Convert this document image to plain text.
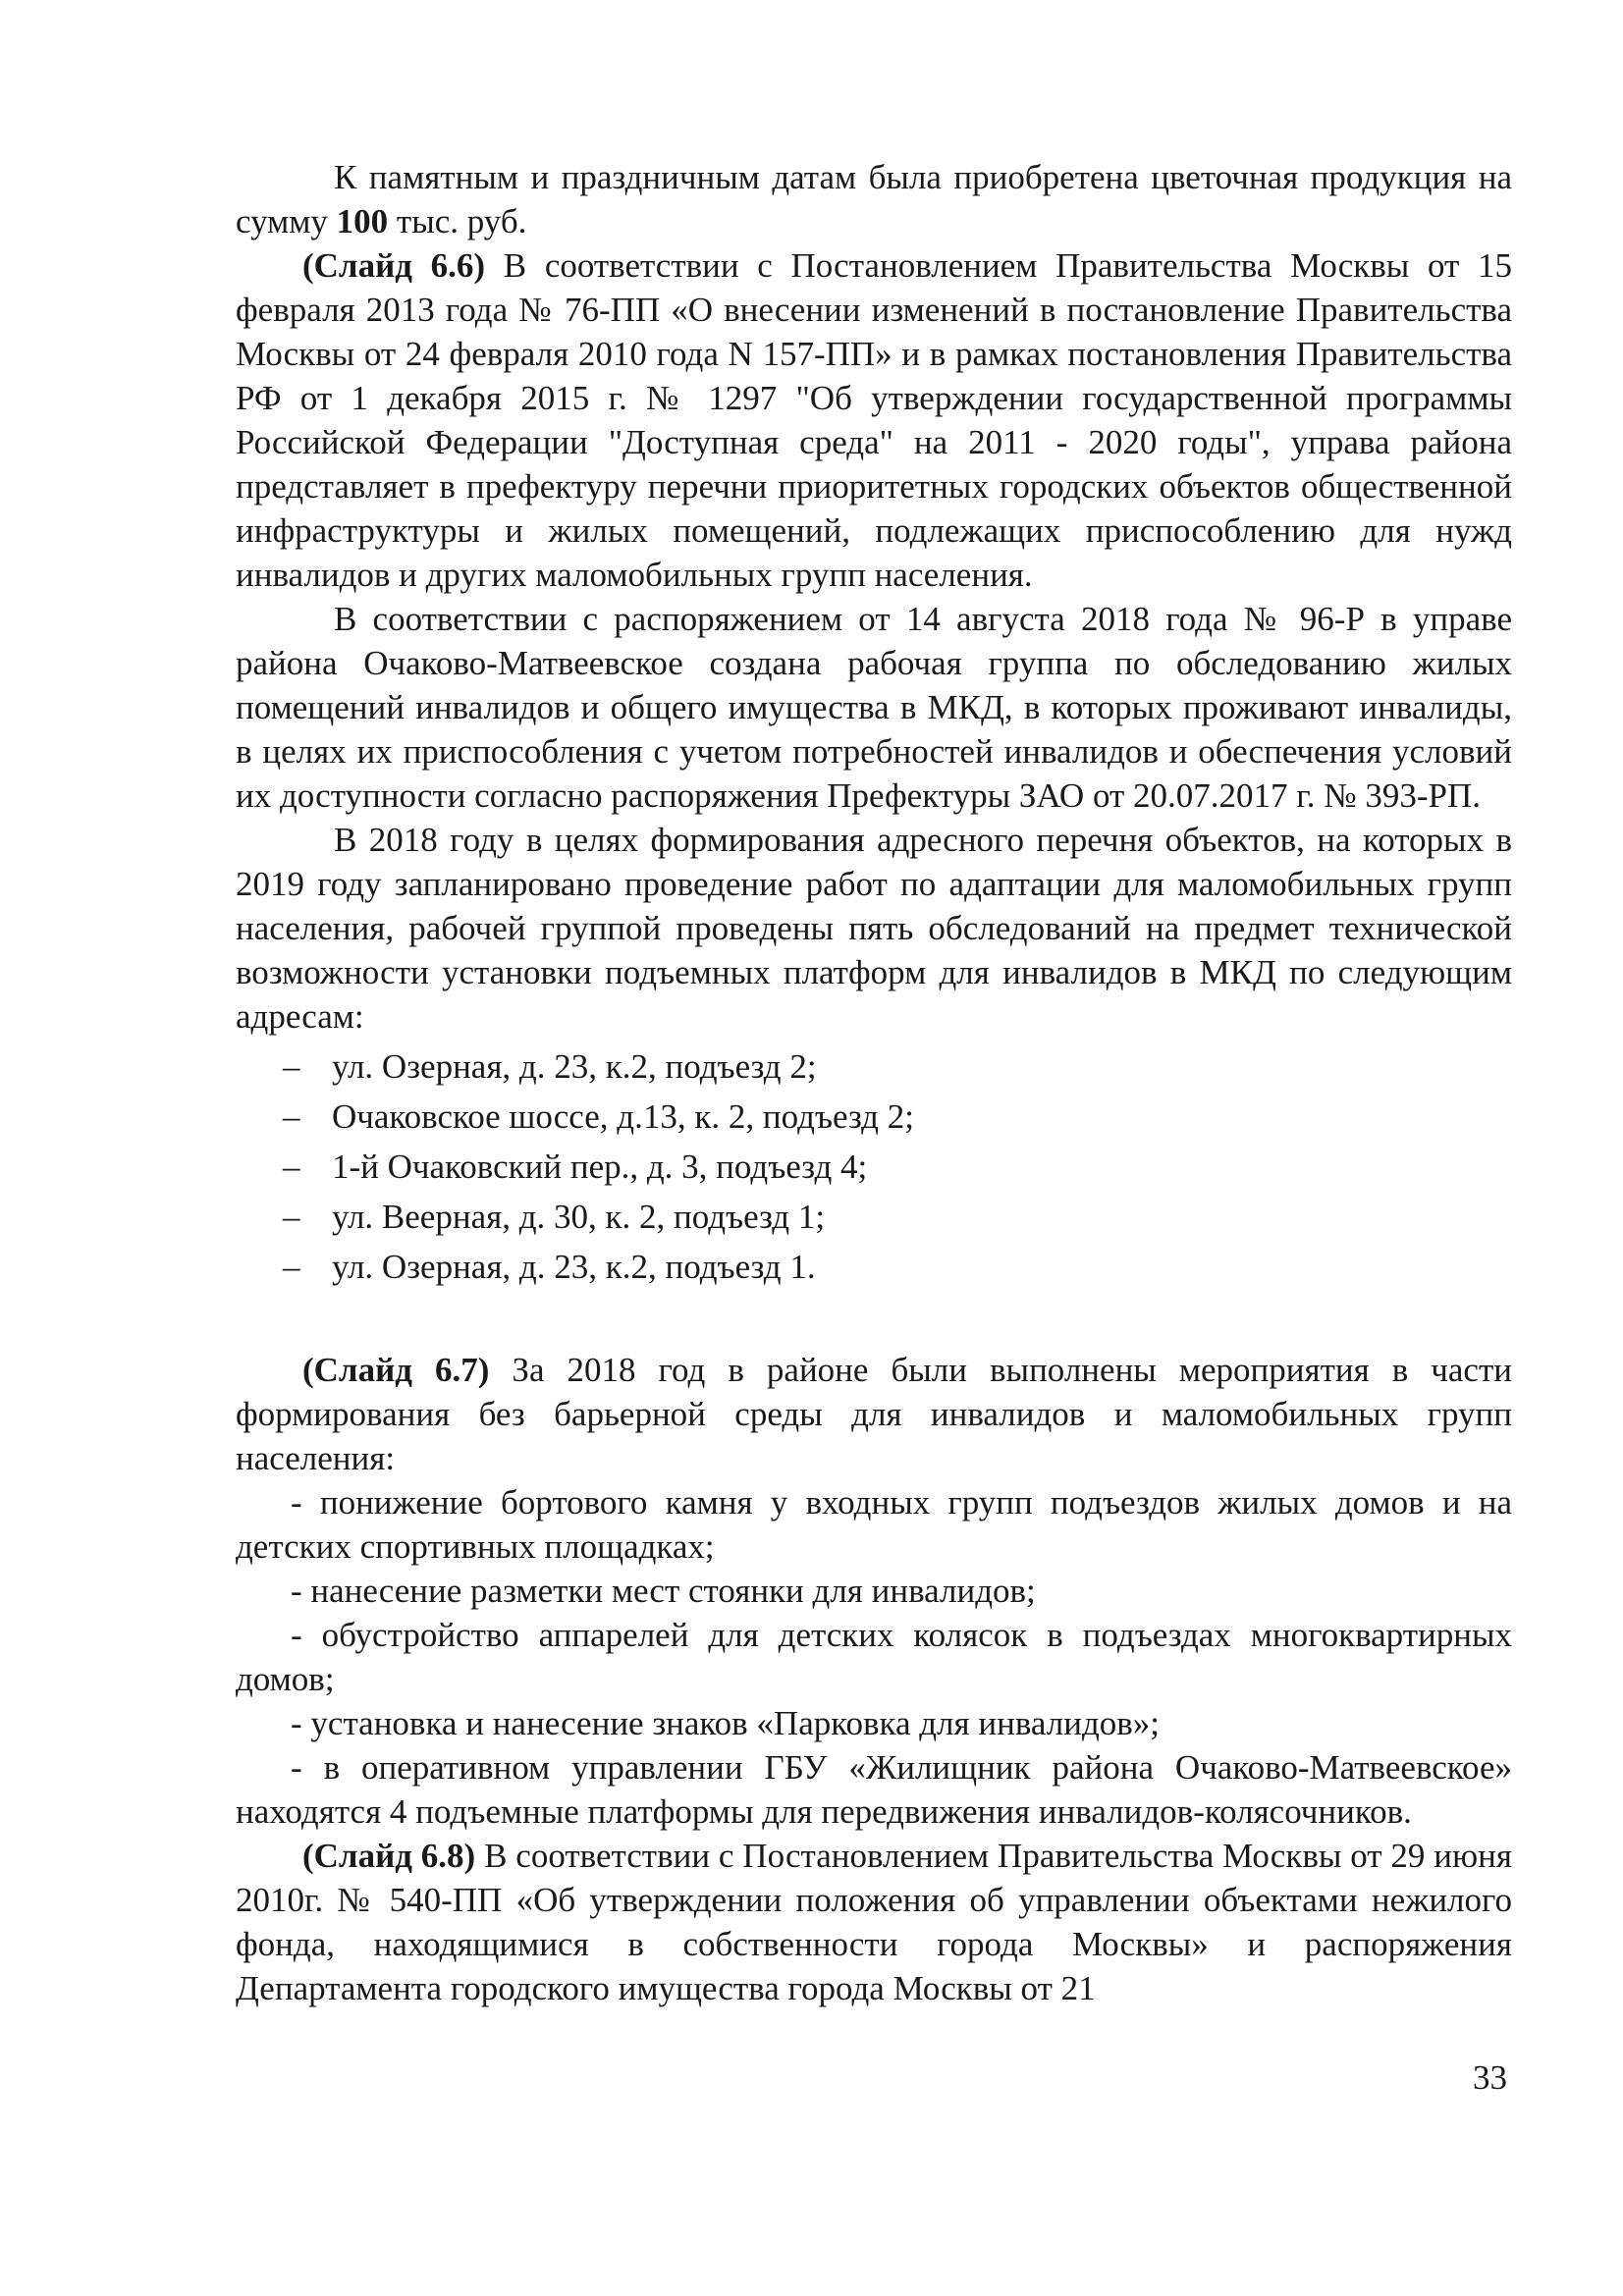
К памятным и праздничным датам была приобретена цветочная продукция на сумму 100 тыс. руб.

(Слайд 6.6) В соответствии с Постановлением Правительства Москвы от 15 февраля 2013 года № 76-ПП «О внесении изменений в постановление Правительства Москвы от 24 февраля 2010 года N 157-ПП» и в рамках постановления Правительства РФ от 1 декабря 2015 г. № 1297 "Об утверждении государственной программы Российской Федерации "Доступная среда" на 2011 - 2020 годы", управа района представляет в префектуру перечни приоритетных городских объектов общественной инфраструктуры и жилых помещений, подлежащих приспособлению для нужд инвалидов и других маломобильных групп населения.

В соответствии с распоряжением от 14 августа 2018 года № 96-Р в управе района Очаково-Матвеевское создана рабочая группа по обследованию жилых помещений инвалидов и общего имущества в МКД, в которых проживают инвалиды, в целях их приспособления с учетом потребностей инвалидов и обеспечения условий их доступности согласно распоряжения Префектуры ЗАО от 20.07.2017 г. № 393-РП.

В 2018 году в целях формирования адресного перечня объектов, на которых в 2019 году запланировано проведение работ по адаптации для маломобильных групп населения, рабочей группой проведены пять обследований на предмет технической возможности установки подъемных платформ для инвалидов в МКД по следующим адресам:

– ул. Озерная, д. 23, к.2, подъезд 2;
– Очаковское шоссе, д.13, к. 2, подъезд 2;
– 1-й Очаковский пер., д. 3, подъезд 4;
– ул. Веерная, д. 30, к. 2, подъезд 1;
– ул. Озерная, д. 23, к.2, подъезд 1.

(Слайд 6.7) За 2018 год в районе были выполнены мероприятия в части формирования без барьерной среды для инвалидов и маломобильных групп населения:

- понижение бортового камня у входных групп подъездов жилых домов и на детских спортивных площадках;

- нанесение разметки мест стоянки для инвалидов;

- обустройство аппарелей для детских колясок в подъездах многоквартирных домов;

- установка и нанесение знаков «Парковка для инвалидов»;

- в оперативном управлении ГБУ «Жилищник района Очаково-Матвеевское» находятся 4 подъемные платформы для передвижения инвалидов-колясочников.

(Слайд 6.8) В соответствии с Постановлением Правительства Москвы от 29 июня 2010г. № 540-ПП «Об утверждении положения об управлении объектами нежилого фонда, находящимися в собственности города Москвы» и распоряжения Департамента городского имущества города Москвы от 21

33
